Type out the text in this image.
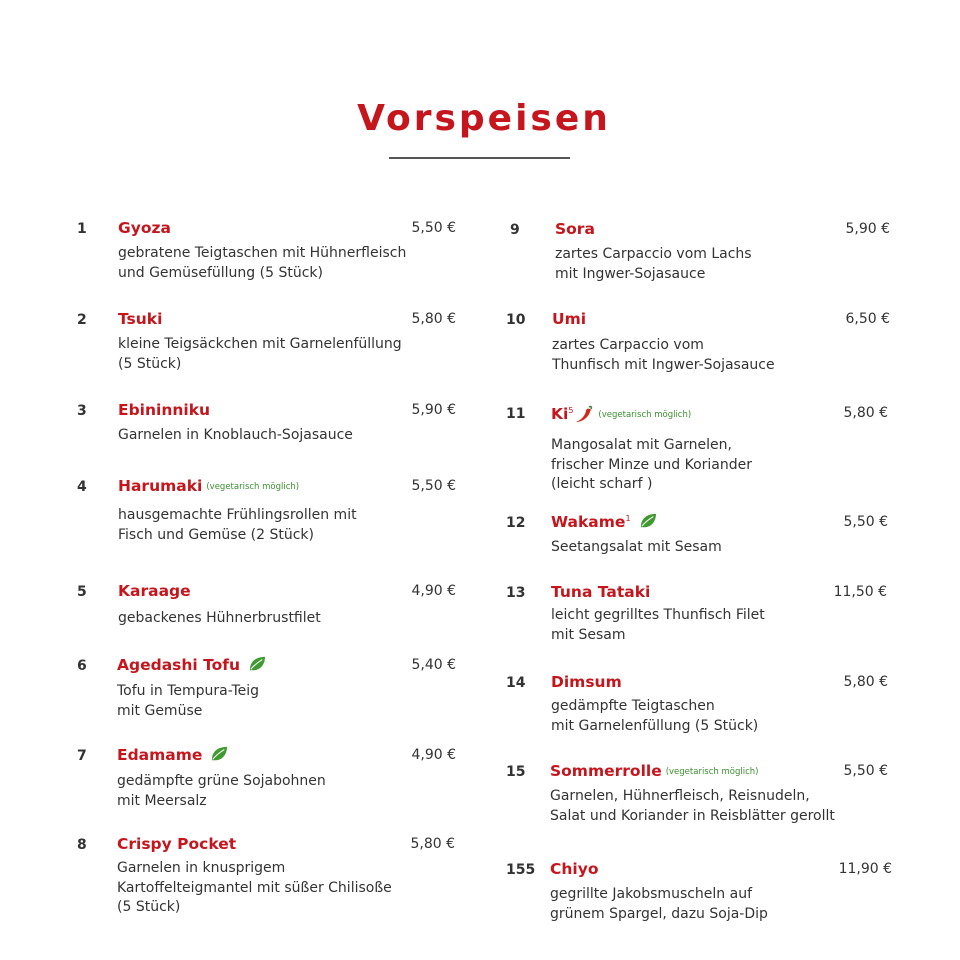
Vorspeisen
1 Gyoza	5,50 €
gebratene Teigtaschen mit Hühnerfleisch
und Gemüsefüllung (5 Stück)
2 Tsuki	5,80 €
kleine Teigsäckchen mit Garnelenfüllung
(5 Stück)
3 Ebininniku	5,90 €
Garnelen in Knoblauch-Sojasauce
4 Harumaki (vegetarisch möglich)	5,50 €
hausgemachte Frühlingsrollen mit
Fisch und Gemüse (2 Stück)
5 Karaage	4,90 €
gebackenes Hühnerbrustfilet
6 Agedashi Tofu	5,40 €
Tofu in Tempura-Teig
mit Gemüse
7 Edamame	4,90 €
gedämpfte grüne Sojabohnen
mit Meersalz
8 Crispy Pocket	5,80 €
Garnelen in knusprigem
Kartoffelteigmantel mit süßer Chilisoße
(5 Stück)
9 Sora	5,90 €
zartes Carpaccio vom Lachs
mit Ingwer-Sojasauce
10 Umi	6,50 €
zartes Carpaccio vom
Thunfisch mit Ingwer-Sojasauce
11 Ki$^5$	(vegetarisch möglich)	5,80 €
Mangosalat mit Garnelen,
frischer Minze und Koriander
(leicht scharf )
12 Wakame$^1$	5,50 €
Seetangsalat mit Sesam
13 Tuna Tataki	11,50 €
leicht gegrilltes Thunfisch Filet
mit Sesam
14 Dimsum	5,80 €
gedämpfte Teigtaschen
mit Garnelenfüllung (5 Stück)
15 Sommerrolle (vegetarisch möglich)	5,50 €
Garnelen, Hühnerfleisch, Reisnudeln,
Salat und Koriander in Reisblätter gerollt
155 Chiyo	11,90 €
gegrillte Jakobsmuscheln auf
grünem Spargel, dazu Soja-Dip
